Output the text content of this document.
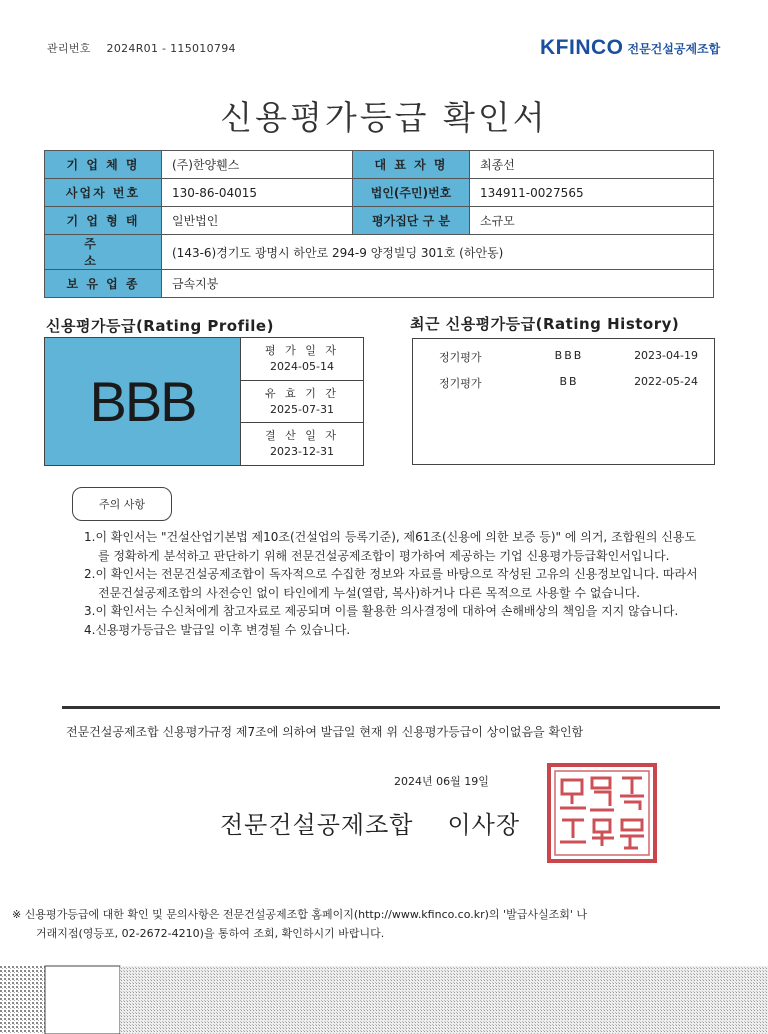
관리번호 2024R01 - 115010794	KFINCO 전문건설공제조합
신용평가등급 확인서
기 업 체 명	(주)한양휀스	대 표 자 명	최종선
사업자 번호	130-86-04015	법인(주민)번호	134911-0027565
기 업 형 태	일반법인	평가집단 구 분	소규모
주 소	(143-6)경기도 광명시 하안로 294-9 양정빌딩 301호 (하안동)		
보 유 업 종	금속지붕		
신용평가등급(Rating Profile)	최근 신용평가등급(Rating History)
BBB
평 가 일 자
2024-05-14
유 효 기 간
2025-07-31
결 산 일 자
2023-12-31
정기평가	BBB	2023-04-19
정기평가	BB	2022-05-24
주의 사항

1.이 확인서는 "건설산업기본법 제10조(건설업의 등록기준), 제61조(신용에 의한 보증 등)" 에 의거, 조합원의 신용도를 정확하게 분석하고 판단하기 위해 전문건설공제조합이 평가하여 제공하는 기업 신용평가등급확인서입니다.

2.이 확인서는 전문건설공제조합이 독자적으로 수집한 정보와 자료를 바탕으로 작성된 고유의 신용정보입니다. 따라서 전문건설공제조합의 사전승인 없이 타인에게 누설(열람, 복사)하거나 다른 목적으로 사용할 수 없습니다.

3.이 확인서는 수신처에게 참고자료로 제공되며 이를 활용한 의사결정에 대하여 손해배상의 책임을 지지 않습니다.

4.신용평가등급은 발급일 이후 변경될 수 있습니다.

전문건설공제조합 신용평가규정 제7조에 의하여 발급일 현재 위 신용평가등급이 상이없음을 확인함
2024년 06월 19일
전문건설공제조합 이사장
※ 신용평가등급에 대한 확인 및 문의사항은 전문건설공제조합 홈페이지(http://www.kfinco.co.kr)의 '발급사실조회' 나
거래지점(영등포, 02-2672-4210)을 통하여 조회, 확인하시기 바랍니다.
